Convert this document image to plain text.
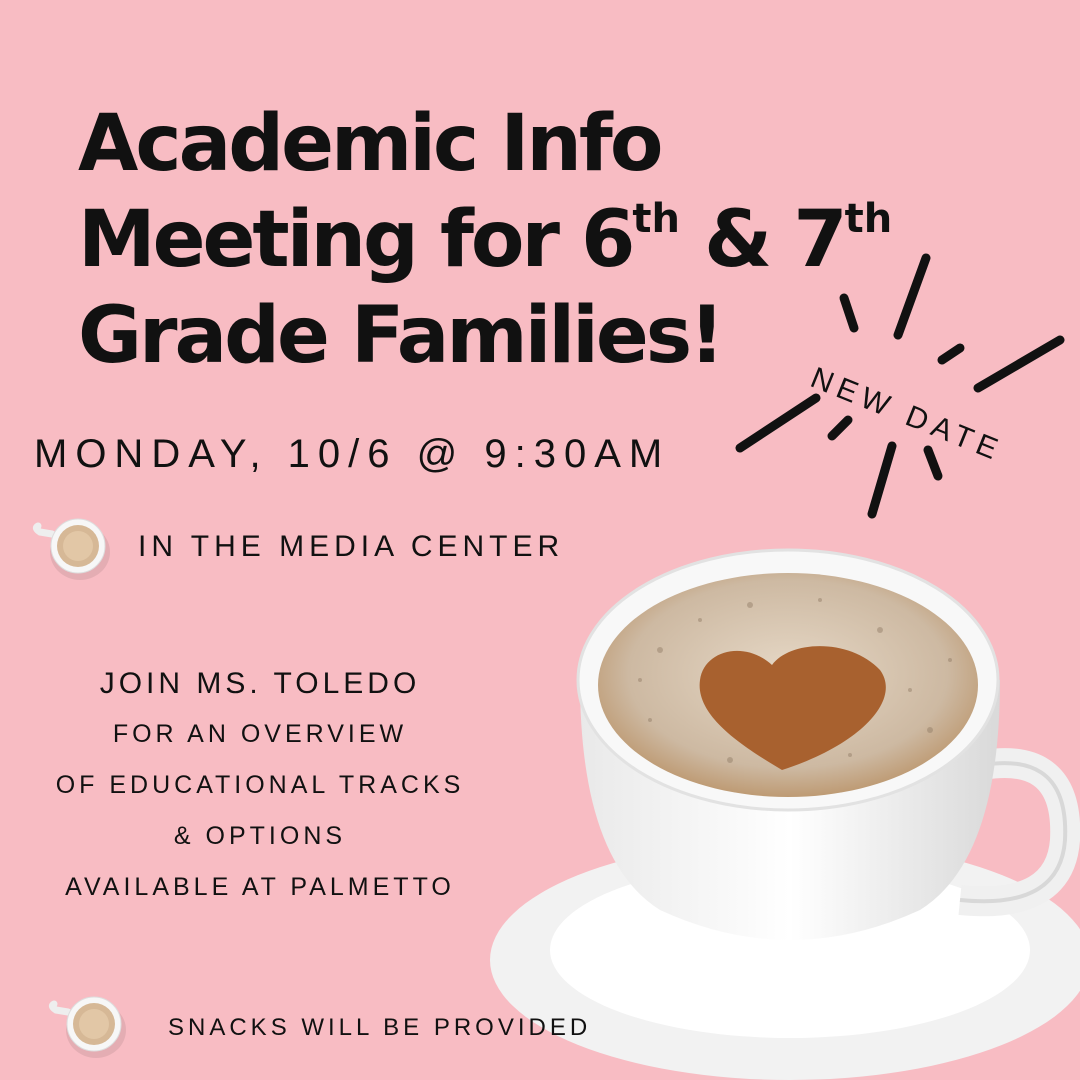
Academic Info
Meeting for 6th & 7th
Grade Families!
NEW DATE
MONDAY, 10/6 @ 9:30AM
IN THE MEDIA CENTER
JOIN MS. TOLEDO
FOR AN OVERVIEW
OF EDUCATIONAL TRACKS
& OPTIONS
AVAILABLE AT PALMETTO
SNACKS WILL BE PROVIDED
